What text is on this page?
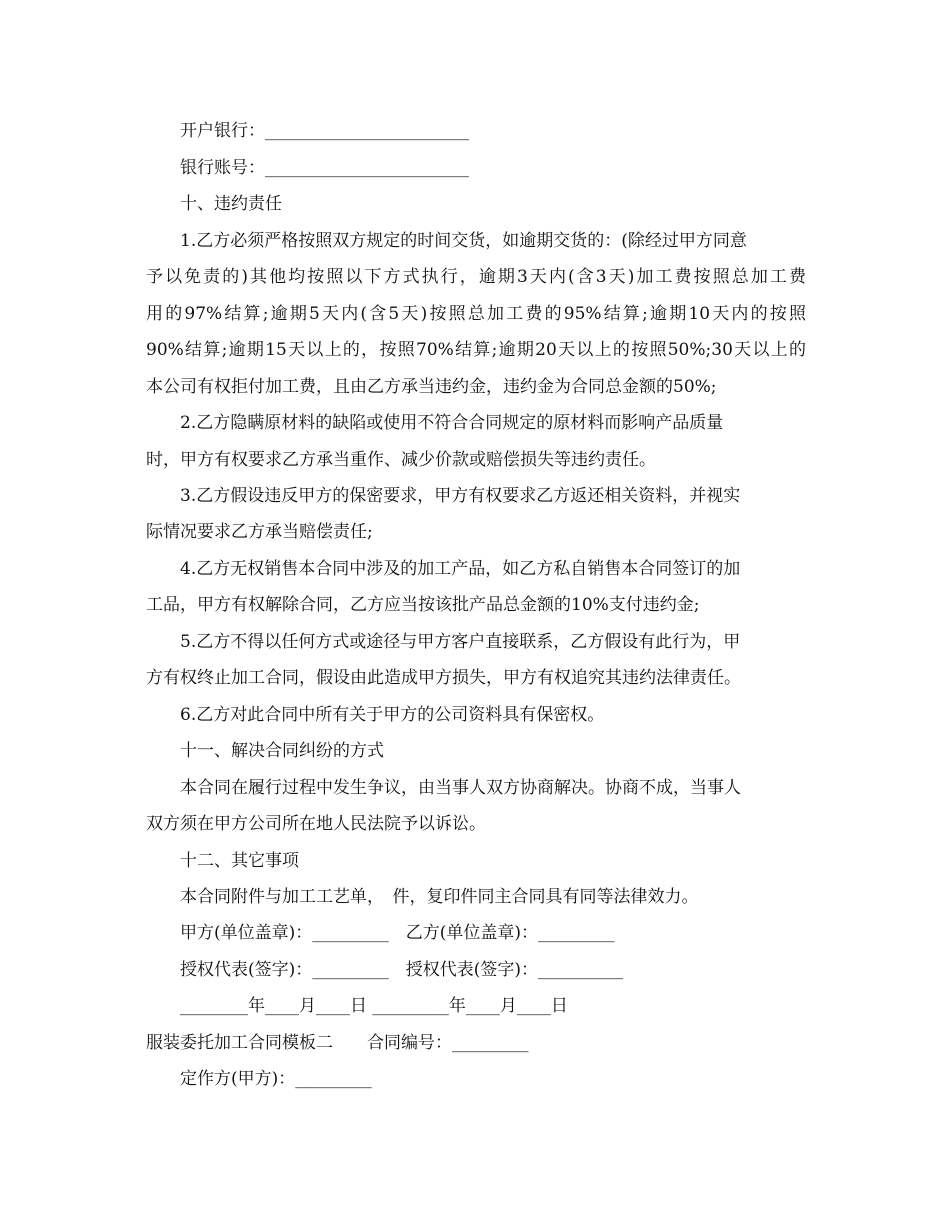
开户银行：________________________
银行账号：________________________
十、违约责任
1.乙方必须严格按照双方规定的时间交货，如逾期交货的：(除经过甲方同意
予以免责的)其他均按照以下方式执行，逾期3天内(含3天)加工费按照总加工费
用的97%结算;逾期5天内(含5天)按照总加工费的95%结算;逾期10天内的按照
90%结算;逾期15天以上的，按照70%结算;逾期20天以上的按照50%;30天以上的
本公司有权拒付加工费，且由乙方承当违约金，违约金为合同总金额的50%;
2.乙方隐瞒原材料的缺陷或使用不符合合同规定的原材料而影响产品质量
时，甲方有权要求乙方承当重作、减少价款或赔偿损失等违约责任。
3.乙方假设违反甲方的保密要求，甲方有权要求乙方返还相关资料，并视实
际情况要求乙方承当赔偿责任;
4.乙方无权销售本合同中涉及的加工产品，如乙方私自销售本合同签订的加
工品，甲方有权解除合同，乙方应当按该批产品总金额的10%支付违约金;
5.乙方不得以任何方式或途径与甲方客户直接联系，乙方假设有此行为，甲
方有权终止加工合同，假设由此造成甲方损失，甲方有权追究其违约法律责任。
6.乙方对此合同中所有关于甲方的公司资料具有保密权。
十一、解决合同纠纷的方式
本合同在履行过程中发生争议，由当事人双方协商解决。协商不成，当事人
双方须在甲方公司所在地人民法院予以诉讼。
十二、其它事项
本合同附件与加工工艺单，　件，复印件同主合同具有同等法律效力。
甲方(单位盖章)：_________　乙方(单位盖章)：_________
授权代表(签字)：_________　授权代表(签字)：__________
________年____月____日 _________年____月____日
服装委托加工合同模板二　　合同编号：_________
定作方(甲方)：_________
